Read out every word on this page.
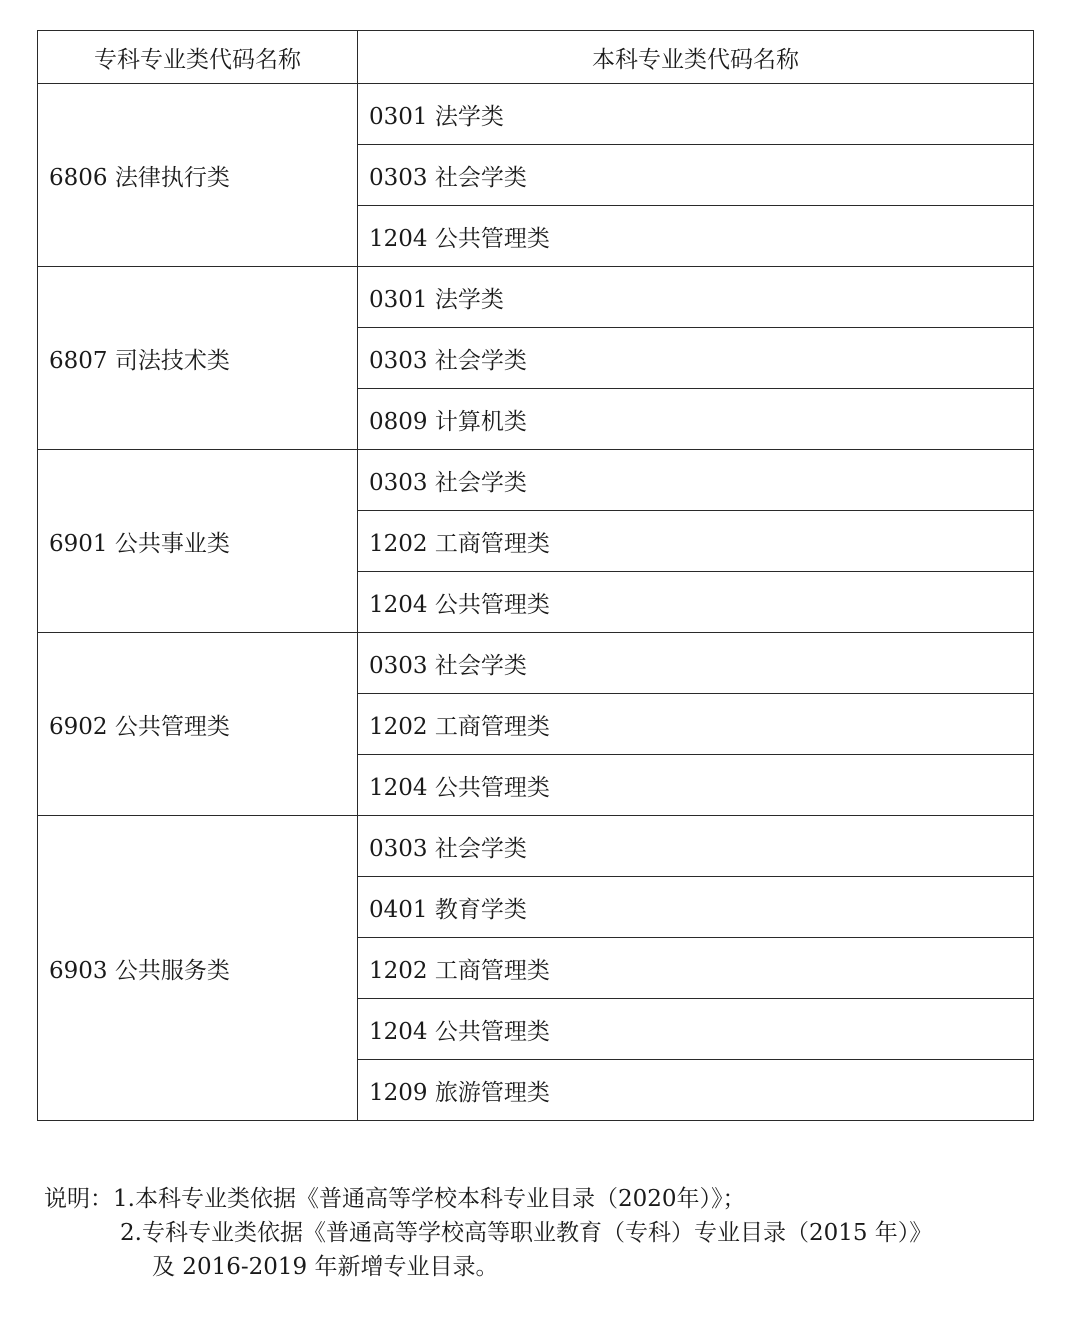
专科专业类代码名称	本科专业类代码名称
6806 法律执行类	0301 法学类
	0303 社会学类
	1204 公共管理类
6807 司法技术类	0301 法学类
	0303 社会学类
	0809 计算机类
6901 公共事业类	0303 社会学类
	1202 工商管理类
	1204 公共管理类
6902 公共管理类	0303 社会学类
	1202 工商管理类
	1204 公共管理类
6903 公共服务类	0303 社会学类
	0401 教育学类
	1202 工商管理类
	1204 公共管理类
	1209 旅游管理类
说明：1.本科专业类依据《普通高等学校本科专业目录（2020年）》；
2.专科专业类依据《普通高等学校高等职业教育（专科）专业目录（2015 年）》
及 2016-2019 年新增专业目录。
